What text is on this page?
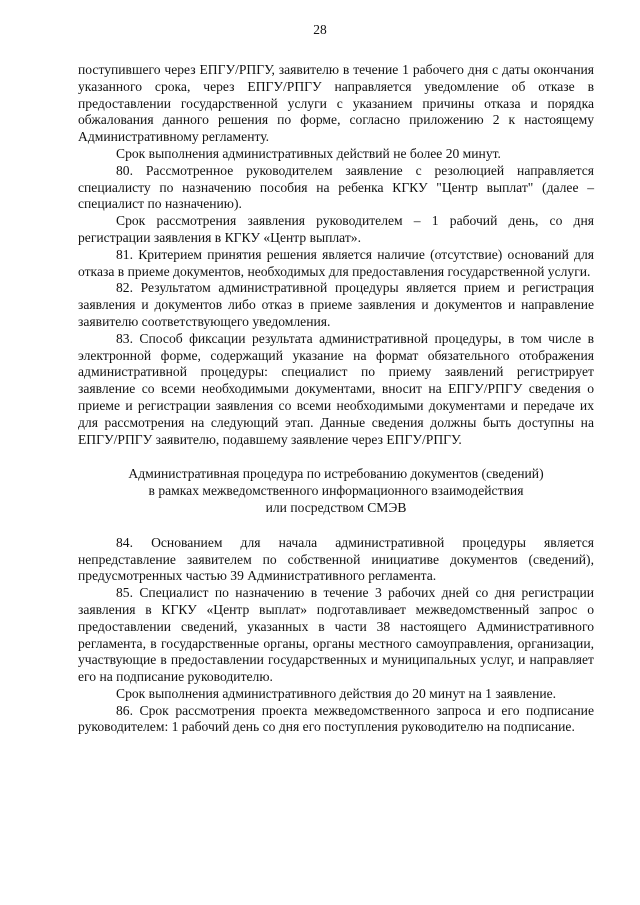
28

поступившего через ЕПГУ/РПГУ, заявителю в течение 1 рабочего дня с даты окончания указанного срока, через ЕПГУ/РПГУ направляется уведомление об отказе в предоставлении государственной услуги с указанием причины отказа и порядка обжалования данного решения по форме, согласно приложению 2 к настоящему Административному регламенту.

Срок выполнения административных действий не более 20 минут.

80. Рассмотренное руководителем заявление с резолюцией направляется специалисту по назначению пособия на ребенка КГКУ "Центр выплат" (далее – специалист по назначению).

Срок рассмотрения заявления руководителем – 1 рабочий день, со дня регистрации заявления в КГКУ «Центр выплат».

81. Критерием принятия решения является наличие (отсутствие) оснований для отказа в приеме документов, необходимых для предоставления государственной услуги.

82. Результатом административной процедуры является прием и регистрация заявления и документов либо отказ в приеме заявления и документов и направление заявителю соответствующего уведомления.

83. Способ фиксации результата административной процедуры, в том числе в электронной форме, содержащий указание на формат обязательного отображения административной процедуры: специалист по приему заявлений регистрирует заявление со всеми необходимыми документами, вносит на ЕПГУ/РПГУ сведения о приеме и регистрации заявления со всеми необходимыми документами и передаче их для рассмотрения на следующий этап. Данные сведения должны быть доступны на ЕПГУ/РПГУ заявителю, подавшему заявление через ЕПГУ/РПГУ.

Административная процедура по истребованию документов (сведений)
в рамках межведомственного информационного взаимодействия
или посредством СМЭВ

84. Основанием для начала административной процедуры является непредставление заявителем по собственной инициативе документов (сведений), предусмотренных частью 39 Административного регламента.

85. Специалист по назначению в течение 3 рабочих дней со дня регистрации заявления в КГКУ «Центр выплат» подготавливает межведомственный запрос о предоставлении сведений, указанных в части 38 настоящего Административного регламента, в государственные органы, органы местного самоуправления, организации, участвующие в предоставлении государственных и муниципальных услуг, и направляет его на подписание руководителю.

Срок выполнения административного действия до 20 минут на 1 заявление.

86. Срок рассмотрения проекта межведомственного запроса и его подписание руководителем: 1 рабочий день со дня его поступления руководителю на подписание.
